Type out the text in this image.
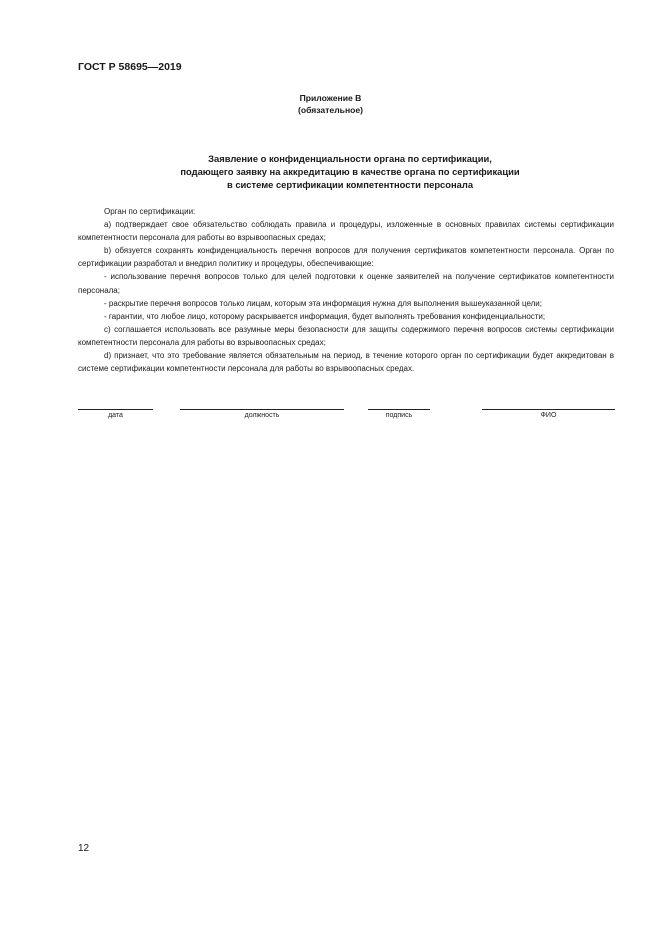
ГОСТ Р 58695—2019
Приложение В
(обязательное)
Заявление о конфиденциальности органа по сертификации,
подающего заявку на аккредитацию в качестве органа по сертификации
в системе сертификации компетентности персонала

Орган по сертификации:

a) подтверждает свое обязательство соблюдать правила и процедуры, изложенные в основных правилах системы сертификации компетентности персонала для работы во взрывоопасных средах;

b) обязуется сохранять конфиденциальность перечня вопросов для получения сертификатов компетентности персонала. Орган по сертификации разработал и внедрил политику и процедуры, обеспечивающие:

- использование перечня вопросов только для целей подготовки к оценке заявителей на получение сертификатов компетентности персонала;

- раскрытие перечня вопросов только лицам, которым эта информация нужна для выполнения вышеуказанной цели;

- гарантии, что любое лицо, которому раскрывается информация, будет выполнять требования конфиденциальности;

c) соглашается использовать все разумные меры безопасности для защиты содержимого перечня вопросов системы сертификации компетентности персонала для работы во взрывоопасных средах;

d) признает, что это требование является обязательным на период, в течение которого орган по сертификации будет аккредитован в системе сертификации компетентности персонала для работы во взрывоопасных средах.

дата	должность	подпись	ФИО
12
